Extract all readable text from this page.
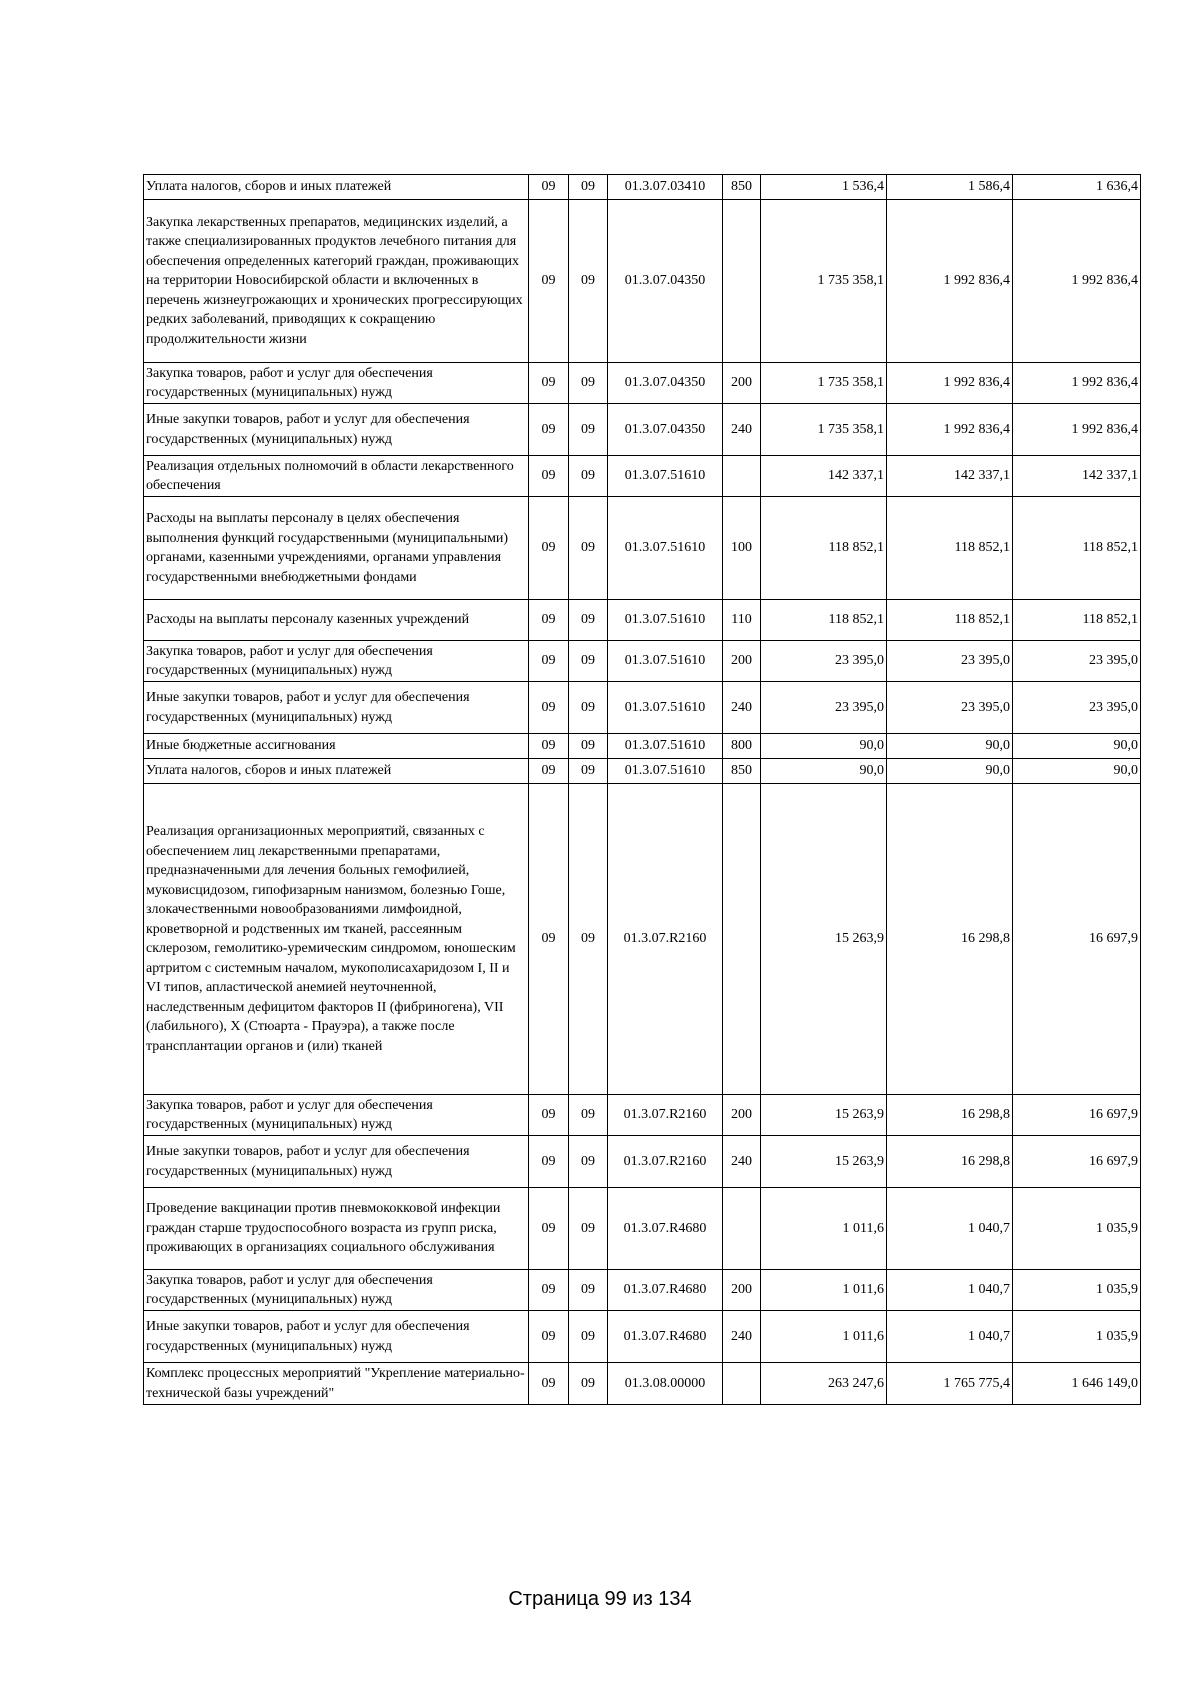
Уплата налогов, сборов и иных платежей	09	09	01.3.07.03410	850	1 536,4	1 586,4	1 636,4
Закупка лекарственных препаратов, медицинских изделий, а также специализированных продуктов лечебного питания для обеспечения определенных категорий граждан, проживающих на территории Новосибирской области и включенных в перечень жизнеугрожающих и хронических прогрессирующих редких заболеваний, приводящих к сокращению продолжительности жизни	09	09	01.3.07.04350		1 735 358,1	1 992 836,4	1 992 836,4
Закупка товаров, работ и услуг для обеспечения государственных (муниципальных) нужд	09	09	01.3.07.04350	200	1 735 358,1	1 992 836,4	1 992 836,4
Иные закупки товаров, работ и услуг для обеспечения государственных (муниципальных) нужд	09	09	01.3.07.04350	240	1 735 358,1	1 992 836,4	1 992 836,4
Реализация отдельных полномочий в области лекарственного обеспечения	09	09	01.3.07.51610		142 337,1	142 337,1	142 337,1
Расходы на выплаты персоналу в целях обеспечения выполнения функций государственными (муниципальными) органами, казенными учреждениями, органами управления государственными внебюджетными фондами	09	09	01.3.07.51610	100	118 852,1	118 852,1	118 852,1
Расходы на выплаты персоналу казенных учреждений	09	09	01.3.07.51610	110	118 852,1	118 852,1	118 852,1
Закупка товаров, работ и услуг для обеспечения государственных (муниципальных) нужд	09	09	01.3.07.51610	200	23 395,0	23 395,0	23 395,0
Иные закупки товаров, работ и услуг для обеспечения государственных (муниципальных) нужд	09	09	01.3.07.51610	240	23 395,0	23 395,0	23 395,0
Иные бюджетные ассигнования	09	09	01.3.07.51610	800	90,0	90,0	90,0
Уплата налогов, сборов и иных платежей	09	09	01.3.07.51610	850	90,0	90,0	90,0
Реализация организационных мероприятий, связанных с обеспечением лиц лекарственными препаратами, предназначенными для лечения больных гемофилией, муковисцидозом, гипофизарным нанизмом, болезнью Гоше, злокачественными новообразованиями лимфоидной, кроветворной и родственных им тканей, рассеянным склерозом, гемолитико-уремическим синдромом, юношеским артритом с системным началом, мукополисахаридозом I, II и VI типов, апластической анемией неуточненной, наследственным дефицитом факторов II (фибриногена), VII (лабильного), X (Стюарта - Прауэра), а также после трансплантации органов и (или) тканей	09	09	01.3.07.R2160		15 263,9	16 298,8	16 697,9
Закупка товаров, работ и услуг для обеспечения государственных (муниципальных) нужд	09	09	01.3.07.R2160	200	15 263,9	16 298,8	16 697,9
Иные закупки товаров, работ и услуг для обеспечения государственных (муниципальных) нужд	09	09	01.3.07.R2160	240	15 263,9	16 298,8	16 697,9
Проведение вакцинации против пневмококковой инфекции граждан старше трудоспособного возраста из групп риска, проживающих в организациях социального обслуживания	09	09	01.3.07.R4680		1 011,6	1 040,7	1 035,9
Закупка товаров, работ и услуг для обеспечения государственных (муниципальных) нужд	09	09	01.3.07.R4680	200	1 011,6	1 040,7	1 035,9
Иные закупки товаров, работ и услуг для обеспечения государственных (муниципальных) нужд	09	09	01.3.07.R4680	240	1 011,6	1 040,7	1 035,9
Комплекс процессных мероприятий "Укрепление материально-технической базы учреждений"	09	09	01.3.08.00000		263 247,6	1 765 775,4	1 646 149,0
Страница 99 из 134
